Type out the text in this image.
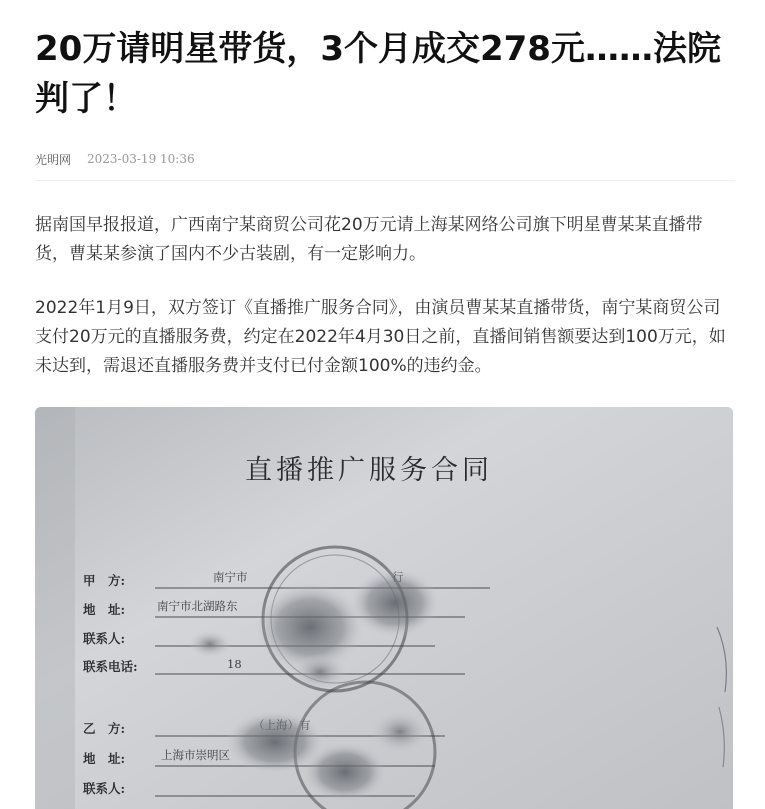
20万请明星带货，3个月成交278元……法院判了！
光明网 2023-03-19 10:36

据南国早报报道，广西南宁某商贸公司花20万元请上海某网络公司旗下明星曹某某直播带货，曹某某参演了国内不少古装剧，有一定影响力。

2022年1月9日，双方签订《直播推广服务合同》，由演员曹某某直播带货，南宁某商贸公司支付20万元的直播服务费，约定在2022年4月30日之前，直播间销售额要达到100万元，如未达到，需退还直播服务费并支付已付金额100%的违约金。

直播推广服务合同
甲　方:	南宁市
地　址:	南宁市北湖路东
联系人:
联系电话:	18
乙　方:
地　址:	上海市崇明区
联系人:
